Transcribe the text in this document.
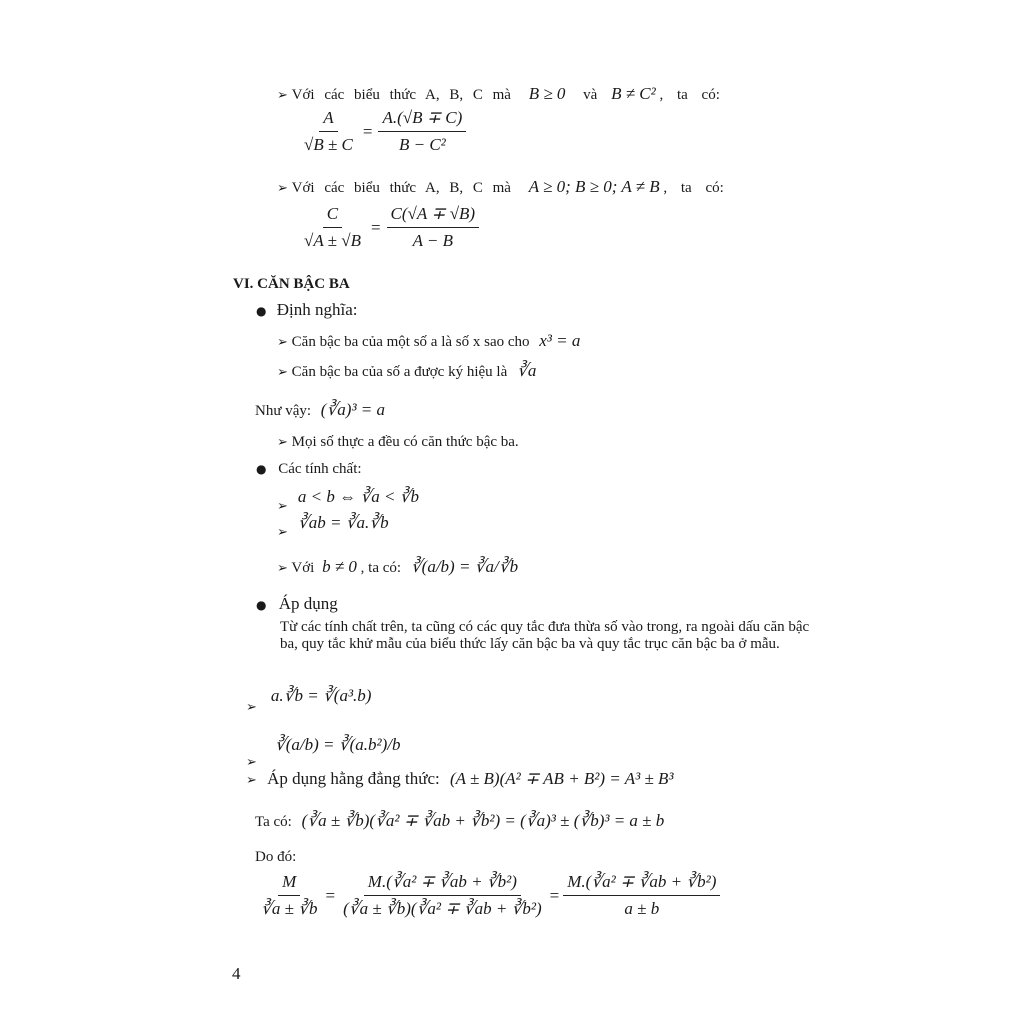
➢ Với các biểu thức A, B, C mà B ≥ 0 và B ≠ C² , ta có:
$\frac{A}{√B \pm C} = \frac{A.(√B \mp C)}{\text{B − C²}}$
➢ Với các biểu thức A, B, C mà A ≥ 0; B ≥ 0; A ≠ B , ta có:
$\frac{C}{√A \pm √B} = \frac{C(√A \mp √B)}{A - B}$
VI. CĂN BẬC BA
● Định nghĩa:
➢ Căn bậc ba của một số a là số x sao cho x³ = a
➢ Căn bậc ba của số a được ký hiệu là ∛a
Như vậy: (∛a)³ = a
➢ Mọi số thực a đều có căn thức bậc ba.
● Các tính chất:
$_➢$ a < b ⇔ ∛a < ∛b
$_➢$ ∛ab = ∛a.∛b
➢ Với b ≠ 0 , ta có: ∛(a/b) = ∛a/∛b
● Áp dụng
Từ các tính chất trên, ta cũng có các quy tắc đưa thừa số vào trong, ra ngoài dấu căn bậc ba, quy tắc khử mẫu của biểu thức lấy căn bậc ba và quy tắc trục căn bậc ba ở mẫu.
$_➢$ a.∛b = ∛(a³.b)
$_➢$ ∛(a/b) = ∛(a.b²)/b
➢ Áp dụng hằng đẳng thức: (A ± B)(A² ∓ AB + B²) = A³ ± B³
Ta có: (∛a ± ∛b)(∛a² ∓ ∛ab + ∛b²) = (∛a)³ ± (∛b)³ = a ± b
Do đó:
$\frac{M}{∛a \pm ∛b} = \frac{\text{M.(∛a² ∓ ∛ab + ∛b²)}}{\text{(∛a ± ∛b)(∛a² ∓ ∛ab + ∛b²)}} = \frac{\text{M.(∛a² ∓ ∛ab + ∛b²)}}{a \pm b}$
4
